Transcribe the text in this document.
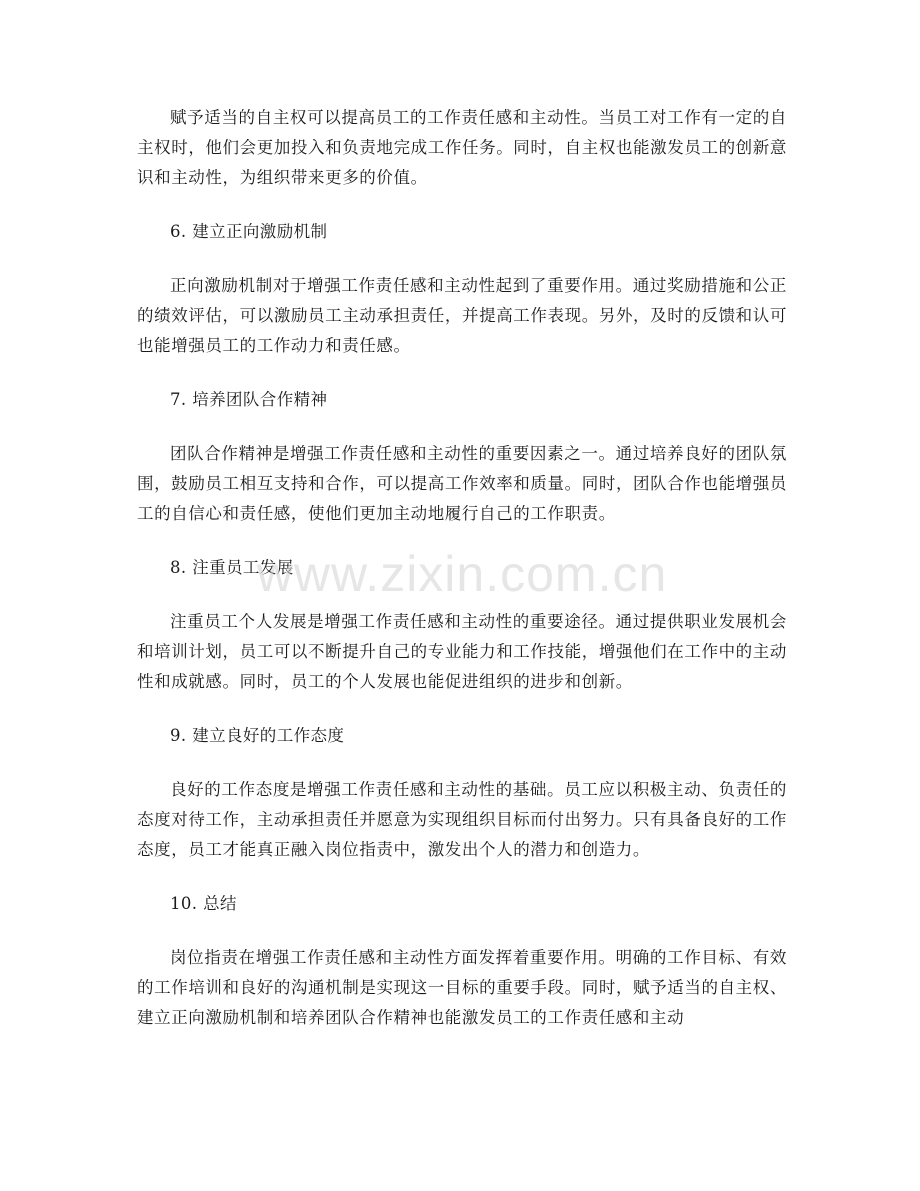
赋予适当的自主权可以提高员工的工作责任感和主动性。当员工对工作有一定的自主权时，他们会更加投入和负责地完成工作任务。同时，自主权也能激发员工的创新意识和主动性，为组织带来更多的价值。

6. 建立正向激励机制

正向激励机制对于增强工作责任感和主动性起到了重要作用。通过奖励措施和公正的绩效评估，可以激励员工主动承担责任，并提高工作表现。另外，及时的反馈和认可也能增强员工的工作动力和责任感。

7. 培养团队合作精神

团队合作精神是增强工作责任感和主动性的重要因素之一。通过培养良好的团队氛围，鼓励员工相互支持和合作，可以提高工作效率和质量。同时，团队合作也能增强员工的自信心和责任感，使他们更加主动地履行自己的工作职责。

8. 注重员工发展

注重员工个人发展是增强工作责任感和主动性的重要途径。通过提供职业发展机会和培训计划，员工可以不断提升自己的专业能力和工作技能，增强他们在工作中的主动性和成就感。同时，员工的个人发展也能促进组织的进步和创新。

9. 建立良好的工作态度

良好的工作态度是增强工作责任感和主动性的基础。员工应以积极主动、负责任的态度对待工作，主动承担责任并愿意为实现组织目标而付出努力。只有具备良好的工作态度，员工才能真正融入岗位指责中，激发出个人的潜力和创造力。

10. 总结

岗位指责在增强工作责任感和主动性方面发挥着重要作用。明确的工作目标、有效的工作培训和良好的沟通机制是实现这一目标的重要手段。同时，赋予适当的自主权、建立正向激励机制和培养团队合作精神也能激发员工的工作责任感和主动

www.zixin.com.cn
